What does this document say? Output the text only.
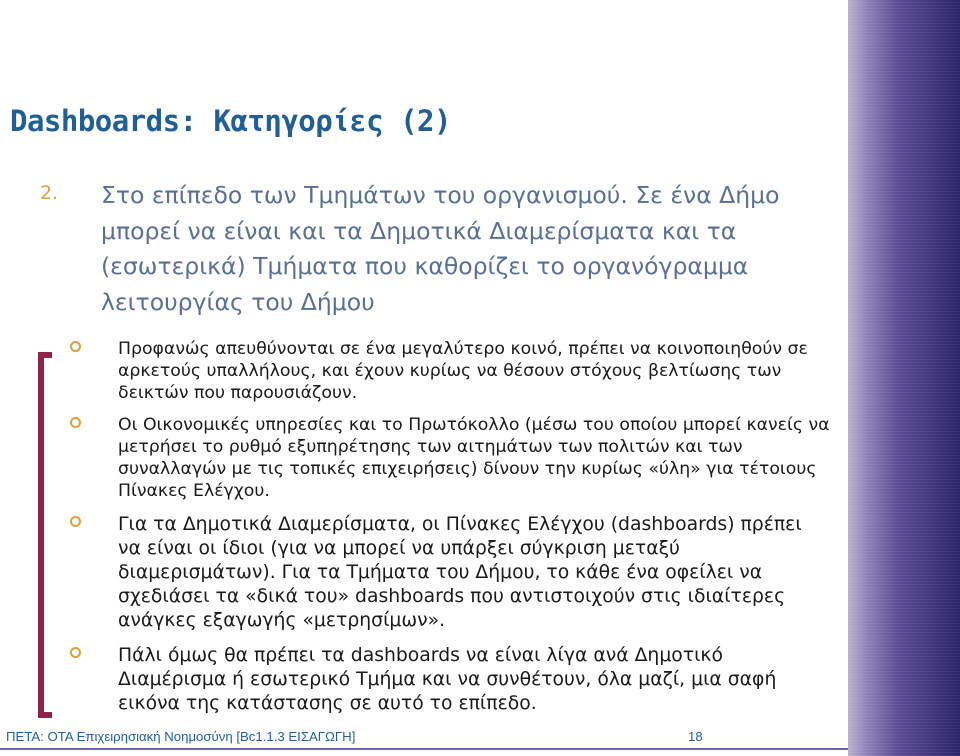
Dashboards: Κατηγορίες (2)
2. Στο επίπεδο των Τμημάτων του οργανισμού. Σε ένα Δήμο μπορεί να είναι και τα Δημοτικά Διαμερίσματα και τα (εσωτερικά) Τμήματα που καθορίζει το οργανόγραμμα λειτουργίας του Δήμου

Προφανώς απευθύνονται σε ένα μεγαλύτερο κοινό, πρέπει να κοινοποιηθούν σε αρκετούς υπαλλήλους, και έχουν κυρίως να θέσουν στόχους βελτίωσης των δεικτών που παρουσιάζουν.
Οι Οικονομικές υπηρεσίες και το Πρωτόκολλο (μέσω του οποίου μπορεί κανείς να μετρήσει το ρυθμό εξυπηρέτησης των αιτημάτων των πολιτών και των συναλλαγών με τις τοπικές επιχειρήσεις) δίνουν την κυρίως «ύλη» για τέτοιους Πίνακες Ελέγχου.
Για τα Δημοτικά Διαμερίσματα, οι Πίνακες Ελέγχου (dashboards) πρέπει να είναι οι ίδιοι (για να μπορεί να υπάρξει σύγκριση μεταξύ διαμερισμάτων). Για τα Τμήματα του Δήμου, το κάθε ένα οφείλει να σχεδιάσει τα «δικά του» dashboards που αντιστοιχούν στις ιδιαίτερες ανάγκες εξαγωγής «μετρησίμων».
Πάλι όμως θα πρέπει τα dashboards να είναι λίγα ανά Δημοτικό Διαμέρισμα ή εσωτερικό Τμήμα και να συνθέτουν, όλα μαζί, μια σαφή εικόνα της κατάστασης σε αυτό το επίπεδο.
ΠΕΤΑ: ΟΤΑ Επιχειρησιακή Νοημοσύνη [Βc1.1.3 ΕΙΣΑΓΩΓΗ]	18
